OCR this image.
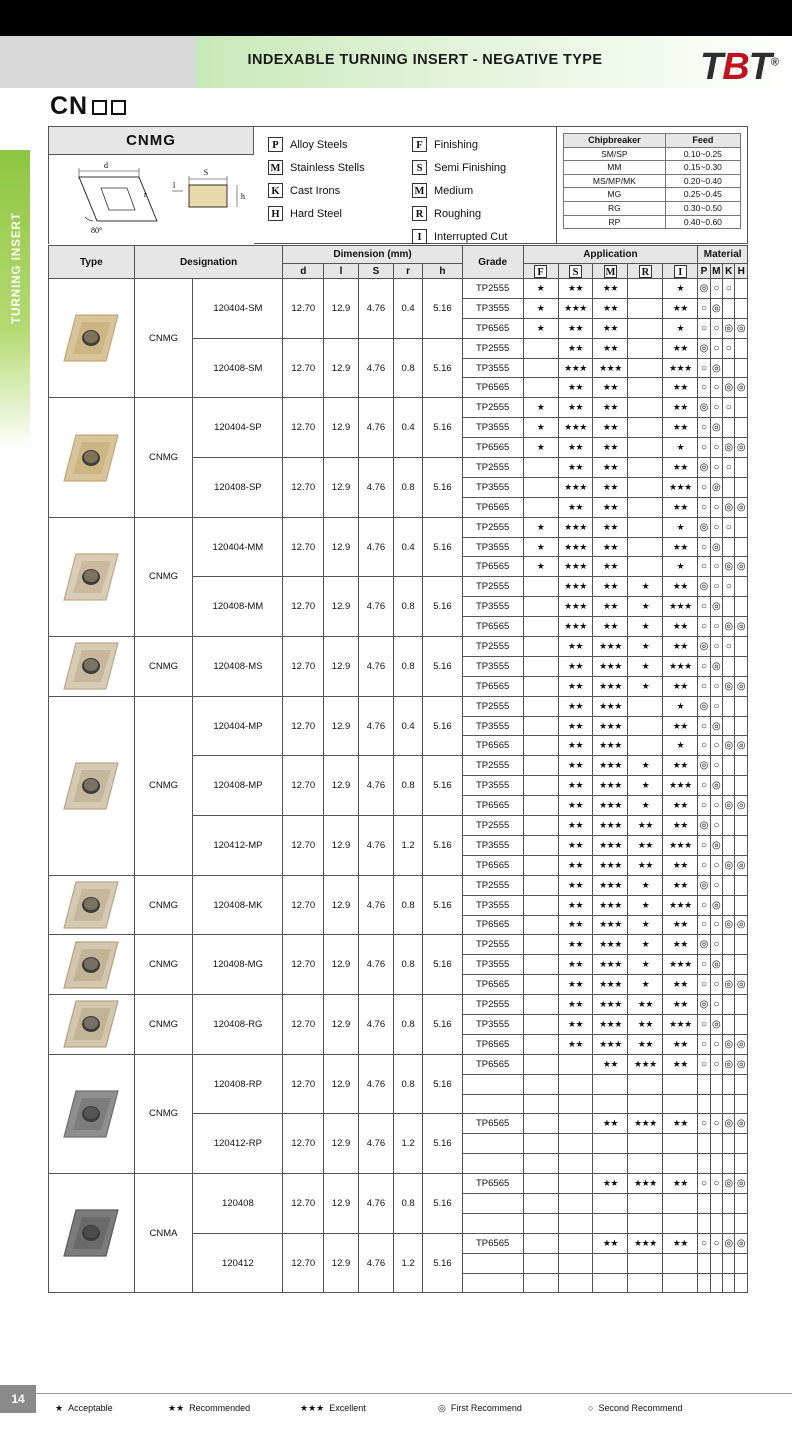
INDEXABLE TURNING INSERT - NEGATIVE TYPE	TBT®
TURNING INSERT
CN
CNMG
d
r
80°
S
h
l
P	Alloy Steels
M Stainless Stells
K Cast Irons
H Hard Steel
F	Finishing
S	Semi Finishing
M Medium
R Roughing
I	Interrupted Cut
Chipbreaker	Feed
SM/SP	0.10~0.25
MM	0.15~0.30
MS/MP/MK	0.20~0.40
MG	0.25~0.45
RG	0.30~0.50
RP	0.40~0.60
Type	Designation		Dimension (mm)					Grade	Application					Material			
			d	l	S	r	h		F	S	M	R	I	P	M	K	H

	CNMG	120404-SM	12.70	12.9	4.76	0.4	5.16	TP2555	★	★★	★★		★	◎	○	○	
								TP3555	★	★★★	★★		★★	○	◎		
								TP6565	★	★★	★★		★	○	○	◎	◎
		120408-SM	12.70	12.9	4.76	0.8	5.16	TP2555		★★	★★		★★	◎	○	○	
								TP3555		★★★	★★★		★★★	○	◎		
								TP6565		★★	★★		★★	○	○	◎	◎

	CNMG	120404-SP	12.70	12.9	4.76	0.4	5.16	TP2555	★	★★	★★		★★	◎	○	○	
								TP3555	★	★★★	★★		★★	○	◎		
								TP6565	★	★★	★★		★	○	○	◎	◎
		120408-SP	12.70	12.9	4.76	0.8	5.16	TP2555		★★	★★		★★	◎	○	○	
								TP3555		★★★	★★		★★★	○	◎		
								TP6565		★★	★★		★★	○	○	◎	◎

	CNMG	120404-MM	12.70	12.9	4.76	0.4	5.16	TP2555	★	★★★	★★		★	◎	○	○	
								TP3555	★	★★★	★★		★★	○	◎		
								TP6565	★	★★★	★★		★	○	○	◎	◎
		120408-MM	12.70	12.9	4.76	0.8	5.16	TP2555		★★★	★★	★	★★	◎	○	○	
								TP3555		★★★	★★	★	★★★	○	◎		
								TP6565		★★★	★★	★	★★	○	○	◎	◎

	CNMG	120408-MS	12.70	12.9	4.76	0.8	5.16	TP2555		★★	★★★	★	★★	◎	○	○	
								TP3555		★★	★★★	★	★★★	○	◎		
								TP6565		★★	★★★	★	★★	○	○	◎	◎

	CNMG	120404-MP	12.70	12.9	4.76	0.4	5.16	TP2555		★★	★★★		★	◎	○		
								TP3555		★★	★★★		★★	○	◎		
								TP6565		★★	★★★		★	○	○	◎	◎
		120408-MP	12.70	12.9	4.76	0.8	5.16	TP2555		★★	★★★	★	★★	◎	○		
								TP3555		★★	★★★	★	★★★	○	◎		
								TP6565		★★	★★★	★	★★	○	○	◎	◎
		120412-MP	12.70	12.9	4.76	1.2	5.16	TP2555		★★	★★★	★★	★★	◎	○		
								TP3555		★★	★★★	★★	★★★	○	◎		
								TP6565		★★	★★★	★★	★★	○	○	◎	◎

	CNMG	120408-MK	12.70	12.9	4.76	0.8	5.16	TP2555		★★	★★★	★	★★	◎	○		
								TP3555		★★	★★★	★	★★★	○	◎		
								TP6565		★★	★★★	★	★★	○	○	◎	◎

	CNMG	120408-MG	12.70	12.9	4.76	0.8	5.16	TP2555		★★	★★★	★	★★	◎	○		
								TP3555		★★	★★★	★	★★★	○	◎		
								TP6565		★★	★★★	★	★★	○	○	◎	◎

	CNMG	120408-RG	12.70	12.9	4.76	0.8	5.16	TP2555		★★	★★★	★★	★★	◎	○		
								TP3555		★★	★★★	★★	★★★	○	◎		
								TP6565		★★	★★★	★★	★★	○	○	◎	◎

	CNMG	120408-RP	12.70	12.9	4.76	0.8	5.16	TP6565			★★	★★★	★★	○	○	◎	◎

		120412-RP	12.70	12.9	4.76	1.2	5.16	TP6565			★★	★★★	★★	○	○	◎	◎

	CNMA	120408	12.70	12.9	4.76	0.8	5.16	TP6565			★★	★★★	★★	○	○	◎	◎

		120412	12.70	12.9	4.76	1.2	5.16	TP6565			★★	★★★	★★	○	○	◎	◎

14
★ Acceptable	★★ Recommended	★★★ Excellent	◎ First Recommend	○ Second Recommend
